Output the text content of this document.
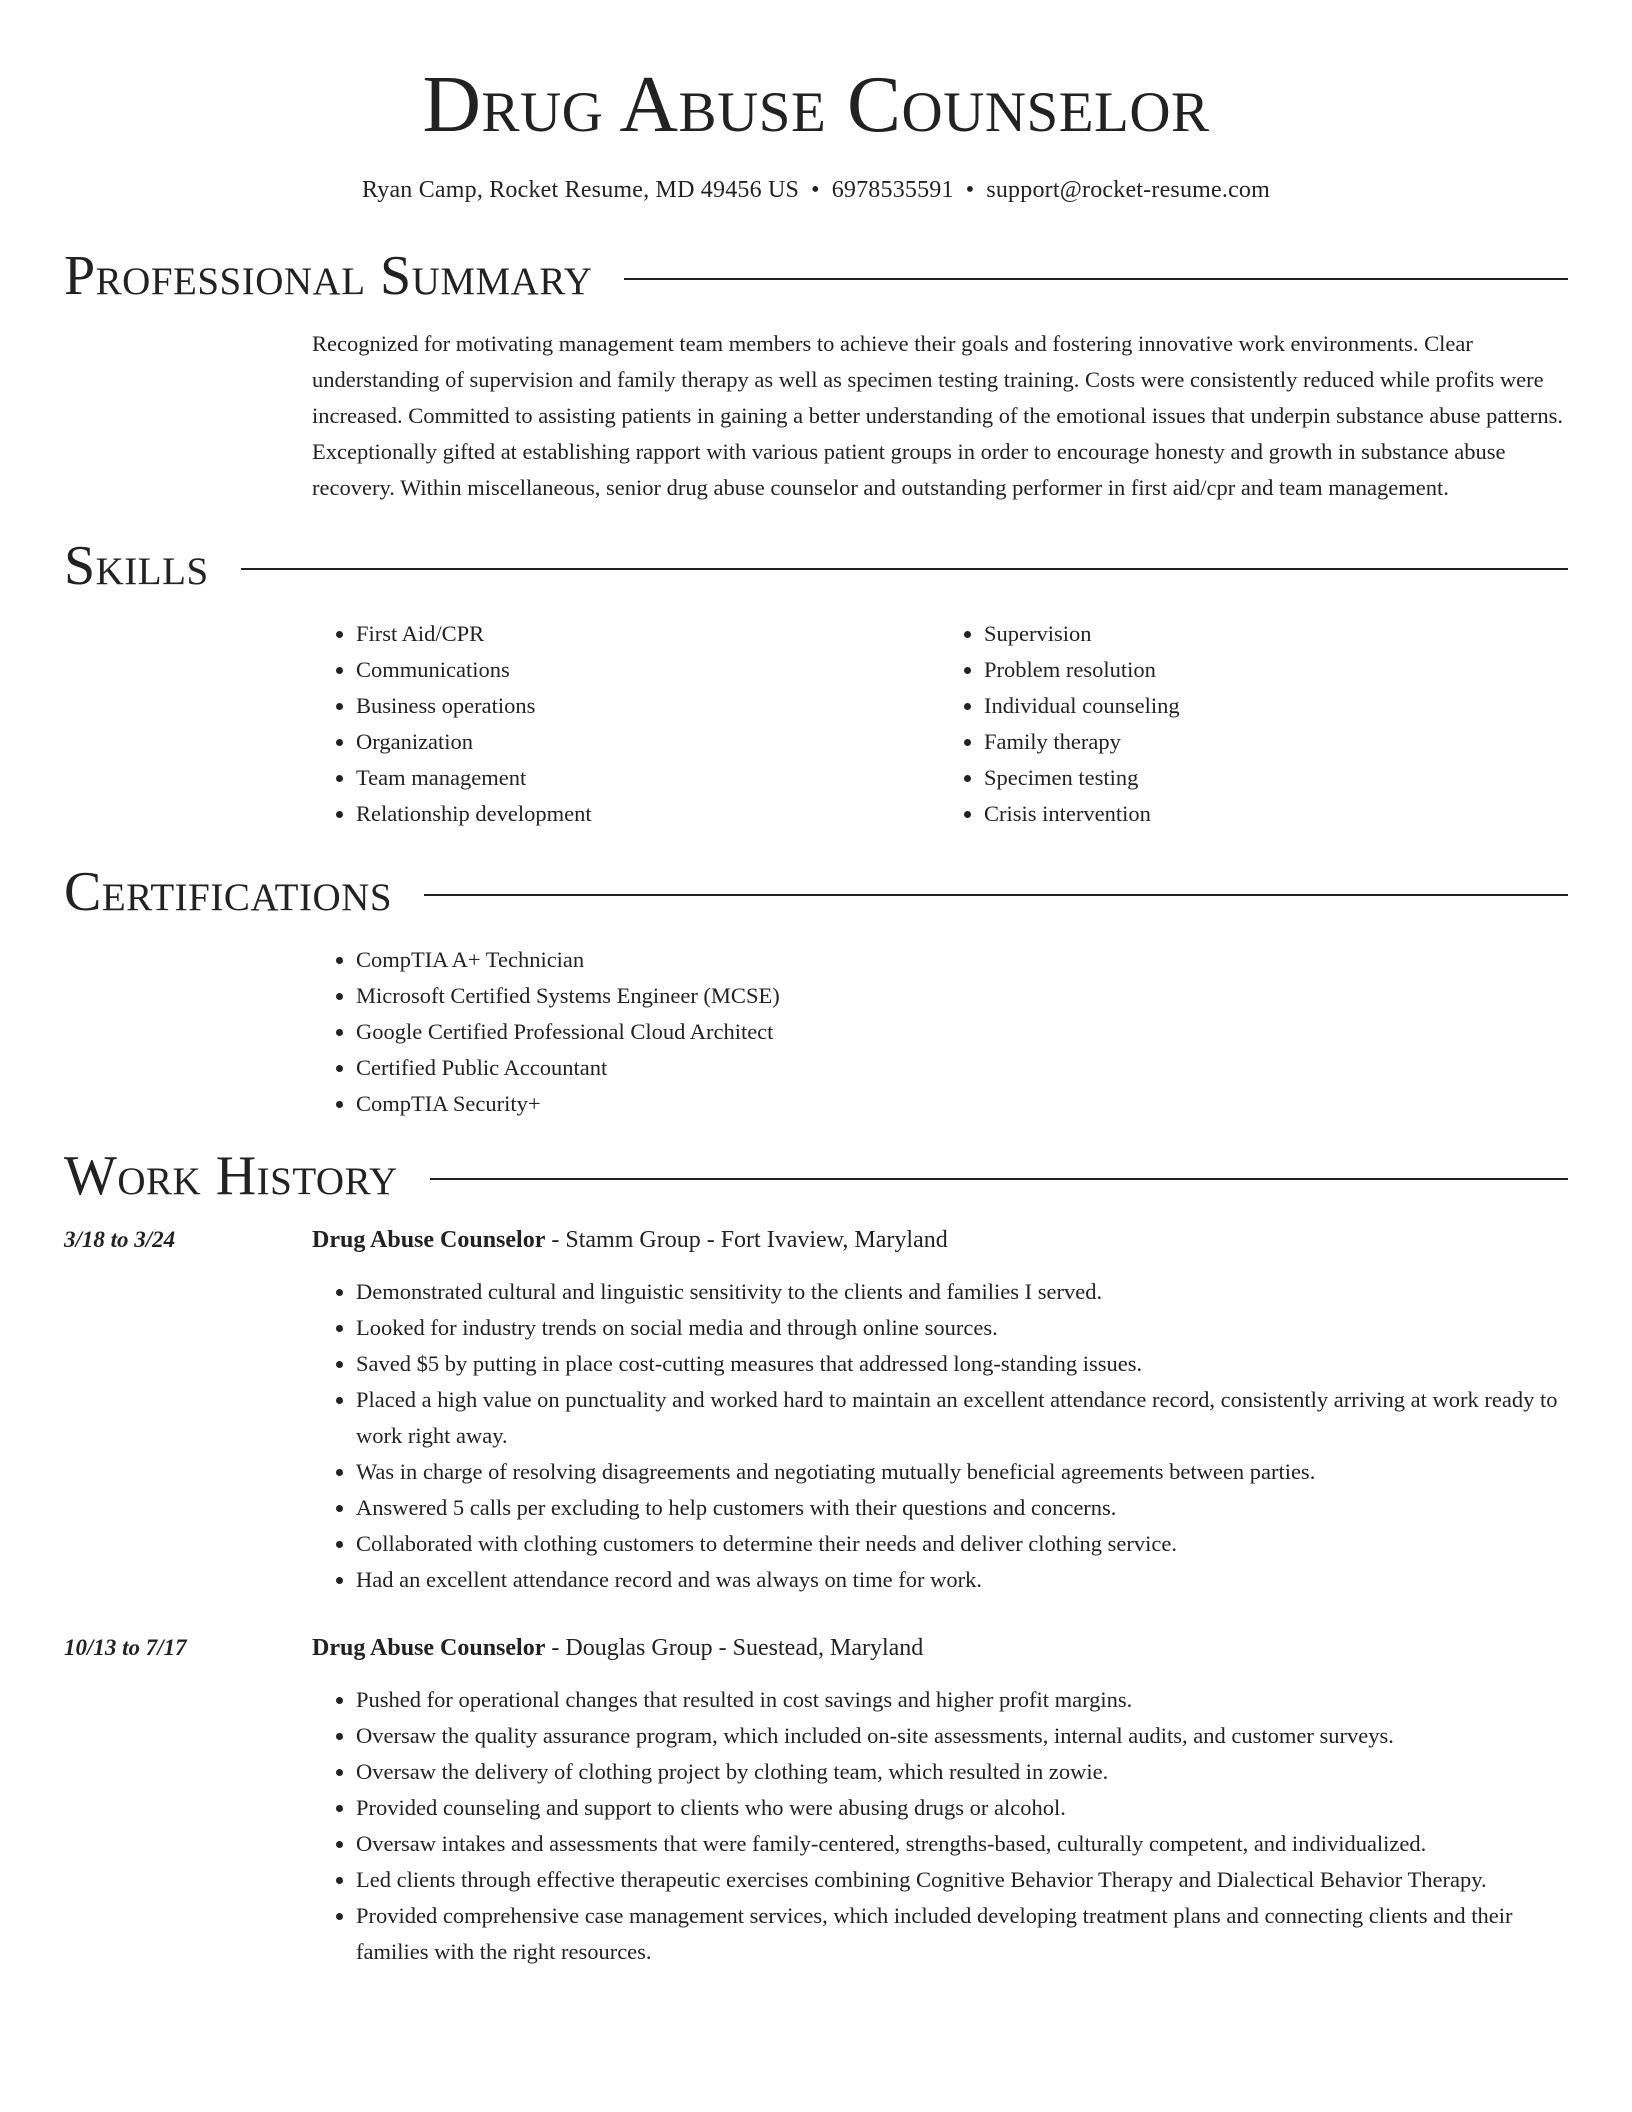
Drug Abuse Counselor
Ryan Camp, Rocket Resume, MD 49456 US • 6978535591 • support@rocket-resume.com
Professional Summary
Recognized for motivating management team members to achieve their goals and fostering innovative work environments. Clear understanding of supervision and family therapy as well as specimen testing training. Costs were consistently reduced while profits were increased. Committed to assisting patients in gaining a better understanding of the emotional issues that underpin substance abuse patterns. Exceptionally gifted at establishing rapport with various patient groups in order to encourage honesty and growth in substance abuse recovery. Within miscellaneous, senior drug abuse counselor and outstanding performer in first aid/cpr and team management.
Skills
• First Aid/CPR
• Communications
• Business operations
• Organization
• Team management
• Relationship development
• Supervision
• Problem resolution
• Individual counseling
• Family therapy
• Specimen testing
• Crisis intervention
Certifications
• CompTIA A+ Technician
• Microsoft Certified Systems Engineer (MCSE)
• Google Certified Professional Cloud Architect
• Certified Public Accountant
• CompTIA Security+
Work History
3/18 to 3/24	Drug Abuse Counselor - Stamm Group - Fort Ivaview, Maryland
• Demonstrated cultural and linguistic sensitivity to the clients and families I served.
• Looked for industry trends on social media and through online sources.
• Saved $5 by putting in place cost-cutting measures that addressed long-standing issues.
• Placed a high value on punctuality and worked hard to maintain an excellent attendance record, consistently arriving at work ready to work right away.
• Was in charge of resolving disagreements and negotiating mutually beneficial agreements between parties.
• Answered 5 calls per excluding to help customers with their questions and concerns.
• Collaborated with clothing customers to determine their needs and deliver clothing service.
• Had an excellent attendance record and was always on time for work.
10/13 to 7/17	Drug Abuse Counselor - Douglas Group - Suestead, Maryland
• Pushed for operational changes that resulted in cost savings and higher profit margins.
• Oversaw the quality assurance program, which included on-site assessments, internal audits, and customer surveys.
• Oversaw the delivery of clothing project by clothing team, which resulted in zowie.
• Provided counseling and support to clients who were abusing drugs or alcohol.
• Oversaw intakes and assessments that were family-centered, strengths-based, culturally competent, and individualized.
• Led clients through effective therapeutic exercises combining Cognitive Behavior Therapy and Dialectical Behavior Therapy.
• Provided comprehensive case management services, which included developing treatment plans and connecting clients and their families with the right resources.
